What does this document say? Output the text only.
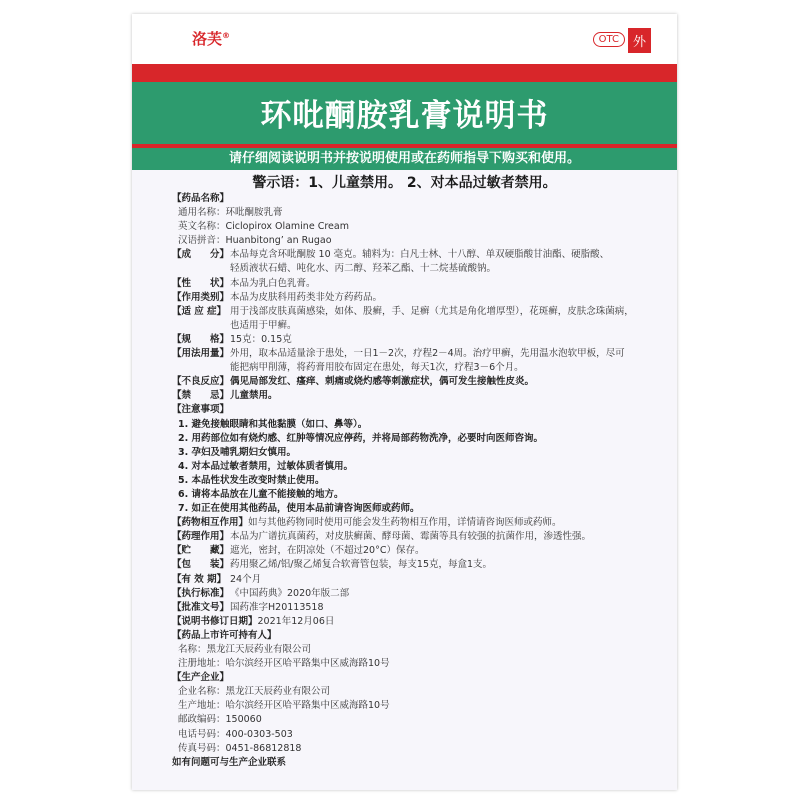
洛芙®	OTC	外
环吡酮胺乳膏说明书
请仔细阅读说明书并按说明使用或在药师指导下购买和使用。
警示语：1、儿童禁用。 2、对本品过敏者禁用。
【药品名称】
通用名称：环吡酮胺乳膏
英文名称：Ciclopirox Olamine Cream
汉语拼音：Huanbitong’ an Rugao
【成　　分】 本品每克含环吡酮胺 10 毫克。辅料为：白凡士林、十八醇、单双硬脂酸甘油酯、硬脂酸、
轻质液状石蜡、吨化水、丙二醇、羟苯乙酯、十二烷基硫酸钠。
【性　　状】 本品为乳白色乳膏。
【作用类别】 本品为皮肤科用药类非处方药药品。
【适 应 症】 用于浅部皮肤真菌感染，如体、股癣，手、足癣（尤其是角化增厚型），花斑癣，皮肤念珠菌病，
也适用于甲癣。
【规　　格】 15克：0.15克
【用法用量】 外用，取本品适量涂于患处，一日1－2次，疗程2－4周。治疗甲癣，先用温水泡软甲板，尽可
能把病甲削薄，将药膏用胶布固定在患处，每天1次，疗程3－6个月。
【不良反应】 偶见局部发红、瘙痒、刺痛或烧灼感等刺激症状，偶可发生接触性皮炎。
【禁　　忌】 儿童禁用。
【注意事项】
1. 避免接触眼睛和其他黏膜（如口、鼻等）。
2. 用药部位如有烧灼感、红肿等情况应停药，并将局部药物洗净，必要时向医师咨询。
3. 孕妇及哺乳期妇女慎用。
4. 对本品过敏者禁用，过敏体质者慎用。
5. 本品性状发生改变时禁止使用。
6. 请将本品放在儿童不能接触的地方。
7. 如正在使用其他药品，使用本品前请咨询医师或药师。
【药物相互作用】 如与其他药物同时使用可能会发生药物相互作用，详情请咨询医师或药师。
【药理作用】 本品为广谱抗真菌药，对皮肤癣菌、酵母菌、霉菌等具有较强的抗菌作用，渗透性强。
【贮　　藏】 遮光，密封，在阴凉处（不超过20°C）保存。
【包　　装】 药用聚乙烯/铝/聚乙烯复合软膏管包装，每支15克，每盒1支。
【有 效 期】 24个月
【执行标准】 《中国药典》2020年版二部
【批准文号】 国药准字H20113518
【说明书修订日期】 2021年12月06日
【药品上市许可持有人】
名称：黑龙江天辰药业有限公司
注册地址：哈尔滨经开区哈平路集中区威海路10号
【生产企业】
企业名称：黑龙江天辰药业有限公司
生产地址：哈尔滨经开区哈平路集中区威海路10号
邮政编码：150060
电话号码：400-0303-503
传真号码：0451-86812818
如有问题可与生产企业联系
